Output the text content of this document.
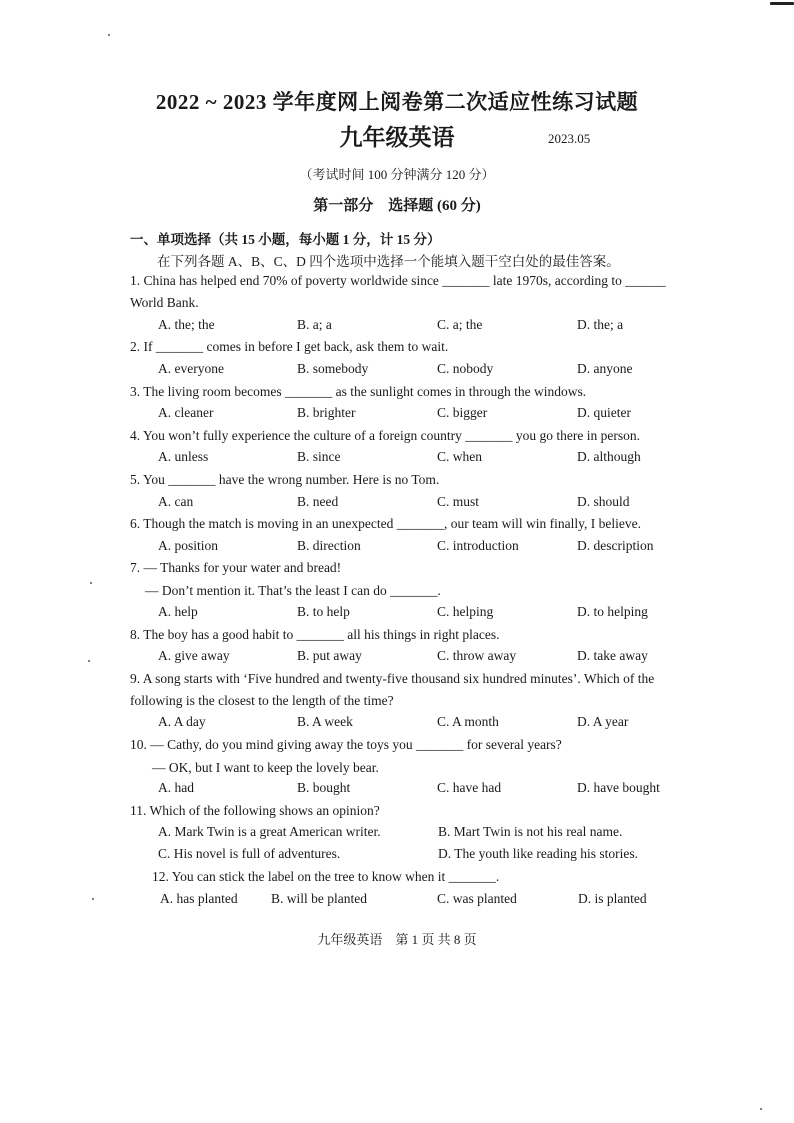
2022 ~ 2023 学年度网上阅卷第二次适应性练习试题
九年级英语	2023.05
（考试时间 100 分钟满分 120 分）
第一部分　选择题 (60 分)
一、单项选择（共 15 小题，每小题 1 分，计 15 分）
在下列各题 A、B、C、D 四个选项中选择一个能填入题干空白处的最佳答案。
1. China has helped end 70% of poverty worldwide since _______ late 1970s, according to ______
World Bank.
A. the; the	B. a; a	C. a; the	D. the; a
2. If _______ comes in before I get back, ask them to wait.
A. everyone	B. somebody	C. nobody	D. anyone
3. The living room becomes _______ as the sunlight comes in through the windows.
A. cleaner	B. brighter	C. bigger	D. quieter
4. You won’t fully experience the culture of a foreign country _______ you go there in person.
A. unless	B. since	C. when	D. although
5. You _______ have the wrong number. Here is no Tom.
A. can	B. need	C. must	D. should
6. Though the match is moving in an unexpected _______, our team will win finally, I believe.
A. position	B. direction	C. introduction	D. description
7. — Thanks for your water and bread!
— Don’t mention it. That’s the least I can do _______.
A. help	B. to help	C. helping	D. to helping
8. The boy has a good habit to _______ all his things in right places.
A. give away	B. put away	C. throw away	D. take away
9. A song starts with ‘Five hundred and twenty-five thousand six hundred minutes’. Which of the
following is the closest to the length of the time?
A. A day	B. A week	C. A month	D. A year
10. — Cathy, do you mind giving away the toys you _______ for several years?
— OK, but I want to keep the lovely bear.
A. had	B. bought	C. have had	D. have bought
11. Which of the following shows an opinion?
A. Mark Twin is a great American writer.	B. Mart Twin is not his real name.
C. His novel is full of adventures.	D. The youth like reading his stories.
12. You can stick the label on the tree to know when it _______.
A. has planted B. will be planted	C. was planted	D. is planted
九年级英语　第 1 页 共 8 页
